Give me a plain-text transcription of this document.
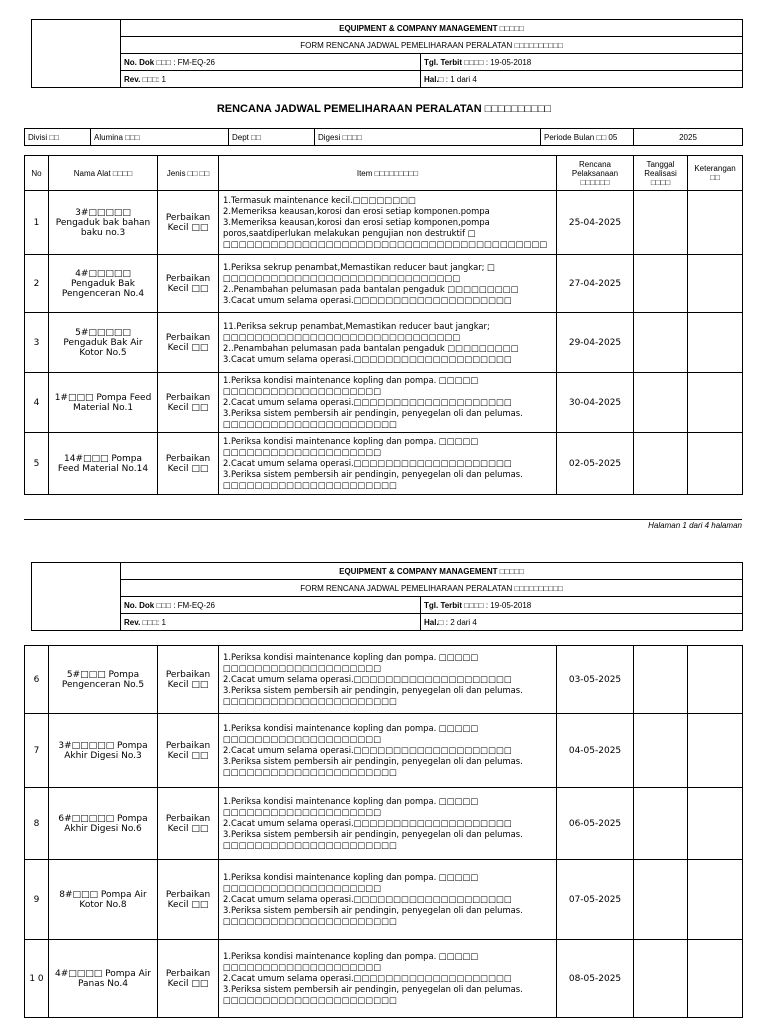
	EQUIPMENT & COMPANY MANAGEMENT □□□□□	
	FORM RENCANA JADWAL PEMELIHARAAN PERALATAN □□□□□□□□□□	
	No. Dok □□□ : FM-EQ-26	Tgl. Terbit □□□□ : 19-05-2018
	Rev. □□□: 1	Hal.□ : 1 dari 4
RENCANA JADWAL PEMELIHARAAN PERALATAN □□□□□□□□□□
Divisi □□	Alumina □□□	Dept □□	Digesi □□□□	Periode Bulan □□ 05	2025
No	Nama Alat □□□□	Jenis □□ □□	Item □□□□□□□□□	Rencana Pelaksanaan □□□□□□	Tanggal Realisasi □□□□	Keterangan □□
1	3#□□□□□ Pengaduk bak bahan baku no.3	Perbaikan Kecil □□	1.Termasuk maintenance kecil.□□□□□□□□
2.Memeriksa keausan,korosi dan erosi setiap komponen.pompa
3.Memeriksa keausan,korosi dan erosi setiap komponen,pompa
poros,saatdiperlukan melakukan pengujian non destruktif □
□□□□□□□□□□□□□□□□□□□□□□□□□□□□□□□□□□□□□□□□□	25-04-2025		
2	4#□□□□□ Pengaduk Bak Pengenceran No.4	Perbaikan Kecil □□	1.Periksa sekrup penambat,Memastikan reducer baut jangkar; □
□□□□□□□□□□□□□□□□□□□□□□□□□□□□□□
2..Penambahan pelumasan pada bantalan pengaduk □□□□□□□□□
3.Cacat umum selama operasi.□□□□□□□□□□□□□□□□□□□□	27-04-2025		
3	5#□□□□□ Pengaduk Bak Air Kotor No.5	Perbaikan Kecil □□	11.Periksa sekrup penambat,Memastikan reducer baut jangkar;
□□□□□□□□□□□□□□□□□□□□□□□□□□□□□□
2..Penambahan pelumasan pada bantalan pengaduk □□□□□□□□□
3.Cacat umum selama operasi.□□□□□□□□□□□□□□□□□□□□	29-04-2025		
4	1#□□□ Pompa Feed Material No.1	Perbaikan Kecil □□	1.Periksa kondisi maintenance kopling dan pompa. □□□□□
□□□□□□□□□□□□□□□□□□□□
2.Cacat umum selama operasi.□□□□□□□□□□□□□□□□□□□□
3.Periksa sistem pembersih air pendingin, penyegelan oli dan pelumas.
□□□□□□□□□□□□□□□□□□□□□□	30-04-2025		
5	14#□□□ Pompa Feed Material No.14	Perbaikan Kecil □□	1.Periksa kondisi maintenance kopling dan pompa. □□□□□
□□□□□□□□□□□□□□□□□□□□
2.Cacat umum selama operasi.□□□□□□□□□□□□□□□□□□□□
3.Periksa sistem pembersih air pendingin, penyegelan oli dan pelumas.
□□□□□□□□□□□□□□□□□□□□□□	02-05-2025		
Halaman 1 dari 4 halaman
	EQUIPMENT & COMPANY MANAGEMENT □□□□□	
	FORM RENCANA JADWAL PEMELIHARAAN PERALATAN □□□□□□□□□□	
	No. Dok □□□ : FM-EQ-26	Tgl. Terbit □□□□ : 19-05-2018
	Rev. □□□: 1	Hal.□ : 2 dari 4
6	5#□□□ Pompa Pengenceran No.5	Perbaikan Kecil □□	1.Periksa kondisi maintenance kopling dan pompa. □□□□□
□□□□□□□□□□□□□□□□□□□□
2.Cacat umum selama operasi.□□□□□□□□□□□□□□□□□□□□
3.Periksa sistem pembersih air pendingin, penyegelan oli dan pelumas.
□□□□□□□□□□□□□□□□□□□□□□	03-05-2025		
7	3#□□□□□ Pompa Akhir Digesi No.3	Perbaikan Kecil □□	1.Periksa kondisi maintenance kopling dan pompa. □□□□□
□□□□□□□□□□□□□□□□□□□□
2.Cacat umum selama operasi.□□□□□□□□□□□□□□□□□□□□
3.Periksa sistem pembersih air pendingin, penyegelan oli dan pelumas.
□□□□□□□□□□□□□□□□□□□□□□	04-05-2025		
8	6#□□□□□ Pompa Akhir Digesi No.6	Perbaikan Kecil □□	1.Periksa kondisi maintenance kopling dan pompa. □□□□□
□□□□□□□□□□□□□□□□□□□□
2.Cacat umum selama operasi.□□□□□□□□□□□□□□□□□□□□
3.Periksa sistem pembersih air pendingin, penyegelan oli dan pelumas.
□□□□□□□□□□□□□□□□□□□□□□	06-05-2025		
9	8#□□□ Pompa Air Kotor No.8	Perbaikan Kecil □□	1.Periksa kondisi maintenance kopling dan pompa. □□□□□
□□□□□□□□□□□□□□□□□□□□
2.Cacat umum selama operasi.□□□□□□□□□□□□□□□□□□□□
3.Periksa sistem pembersih air pendingin, penyegelan oli dan pelumas.
□□□□□□□□□□□□□□□□□□□□□□	07-05-2025		
1 0	4#□□□□ Pompa Air Panas No.4	Perbaikan Kecil □□	1.Periksa kondisi maintenance kopling dan pompa. □□□□□
□□□□□□□□□□□□□□□□□□□□
2.Cacat umum selama operasi.□□□□□□□□□□□□□□□□□□□□
3.Periksa sistem pembersih air pendingin, penyegelan oli dan pelumas.
□□□□□□□□□□□□□□□□□□□□□□	08-05-2025		
